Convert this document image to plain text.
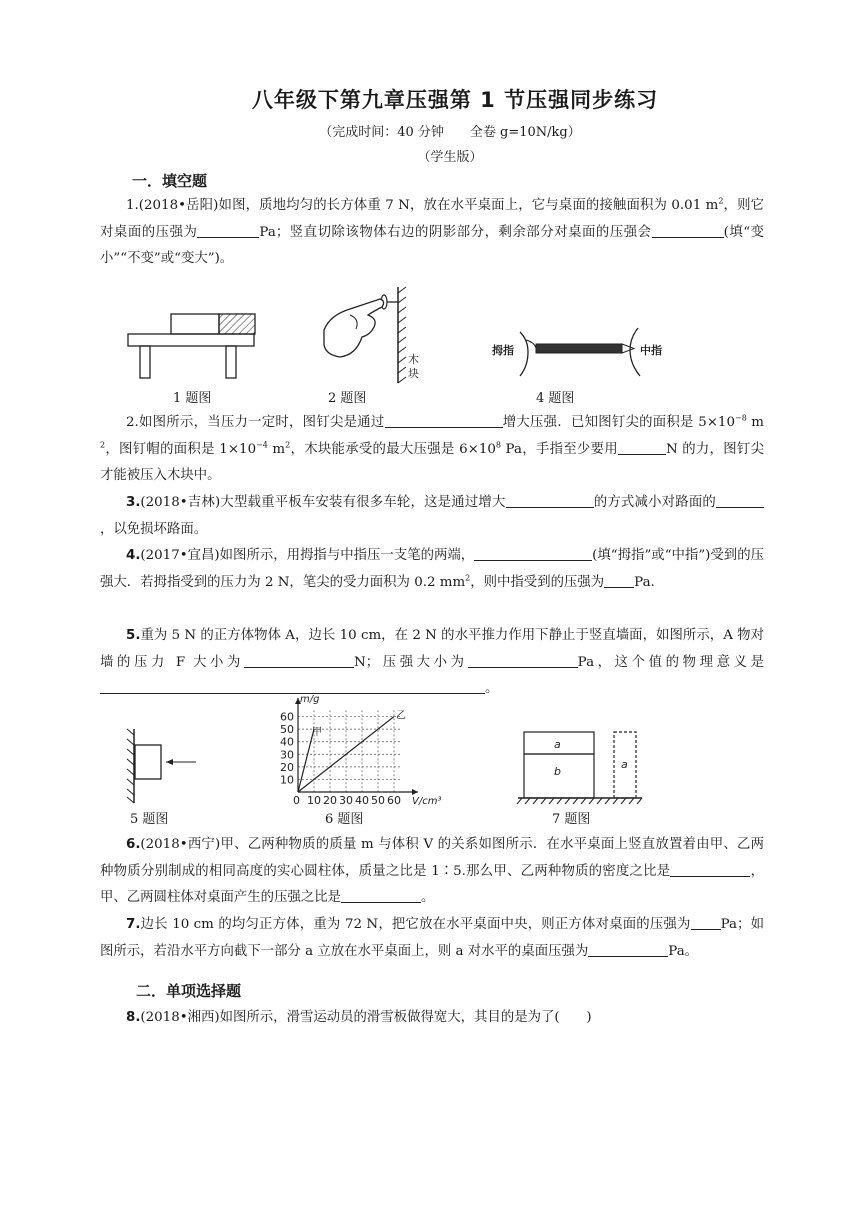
八年级下第九章压强第 1 节压强同步练习
（完成时间：40 分钟　　全卷 g=10N/kg）
（学生版）
一．填空题
1.(2018•岳阳)如图，质地均匀的长方体重 7 N，放在水平桌面上，它与桌面的接触面积为 0.01 $m^2$，则它对桌面的压强为	Pa；竖直切除该物体右边的阴影部分，剩余部分对桌面的压强会	(填“变小”“不变”或“变大”)。
1 题图
木
块
2 题图
拇指	中指
4 题图
2.如图所示，当压力一定时，图钉尖是通过	增大压强．已知图钉尖的面积是 $5\times 10^{-8}$ $m^2$，图钉帽的面积是 $1\times 10^{-4}$ $m^2$，木块能承受的最大压强是 $6\times 10^8$ Pa，手指至少要用	N 的力，图钉尖才能被压入木块中。
3.(2018•吉林)大型载重平板车安装有很多车轮，这是通过增大	的方式减小对路面的，以免损坏路面。
4.(2017•宜昌)如图所示，用拇指与中指压一支笔的两端，	(填“拇指”或“中指”)受到的压强大．若拇指受到的压力为 2 N，笔尖的受力面积为 0.2 $mm^2$，则中指受到的压强为 Pa.
5.重为 5 N 的正方体物体 A，边长 10 cm，在 2 N 的水平推力作用下静止于竖直墙面，如图所示，A 物对墙的压力 F 大小为	N；压强大小为	Pa，这个值的物理意义是。
5 题图
10 20 30 40 50 60
10
20
30
40
50
60
0	V/cm³
m/g
甲
乙
6 题图
a
b
a
7 题图
6.(2018•西宁)甲、乙两种物质的质量 m 与体积 V 的关系如图所示．在水平桌面上竖直放置着由甲、乙两种物质分别制成的相同高度的实心圆柱体，质量之比是 1∶5.那么甲、乙两种物质的密度之比是	，甲、乙两圆柱体对桌面产生的压强之比是	。
7.边长 10 cm 的均匀正方体，重为 72 N，把它放在水平桌面中央，则正方体对桌面的压强为 Pa；如图所示，若沿水平方向截下一部分 a 立放在水平桌面上，则 a 对水平的桌面压强为	Pa。
二．单项选择题
8.(2018•湘西)如图所示，滑雪运动员的滑雪板做得宽大，其目的是为了(　　)
